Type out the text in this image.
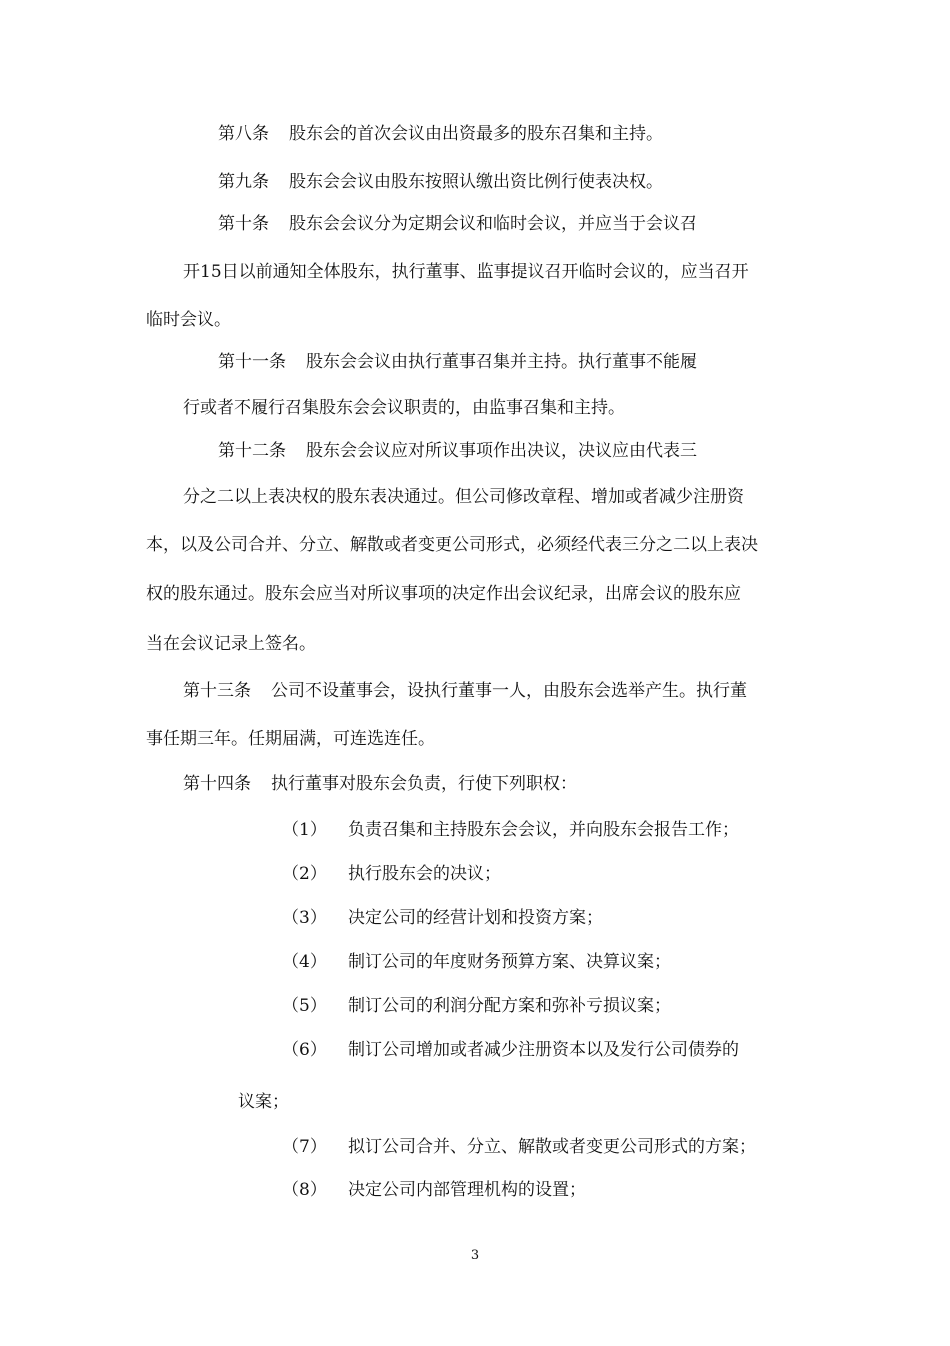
第八条 股东会的首次会议由出资最多的股东召集和主持。
第九条 股东会会议由股东按照认缴出资比例行使表决权。
第十条 股东会会议分为定期会议和临时会议，并应当于会议召
开15日以前通知全体股东，执行董事、监事提议召开临时会议的，应当召开
临时会议。
第十一条 股东会会议由执行董事召集并主持。执行董事不能履
行或者不履行召集股东会会议职责的，由监事召集和主持。
第十二条 股东会会议应对所议事项作出决议，决议应由代表三
分之二以上表决权的股东表决通过。但公司修改章程、增加或者减少注册资
本，以及公司合并、分立、解散或者变更公司形式，必须经代表三分之二以上表决
权的股东通过。股东会应当对所议事项的决定作出会议纪录，出席会议的股东应
当在会议记录上签名。
第十三条 公司不设董事会，设执行董事一人，由股东会选举产生。执行董
事任期三年。任期届满，可连选连任。
第十四条 执行董事对股东会负责，行使下列职权：
（1） 负责召集和主持股东会会议，并向股东会报告工作；
（2） 执行股东会的决议；
（3） 决定公司的经营计划和投资方案；
（4） 制订公司的年度财务预算方案、决算议案；
（5） 制订公司的利润分配方案和弥补亏损议案；
（6） 制订公司增加或者减少注册资本以及发行公司债券的
议案；
（7） 拟订公司合并、分立、解散或者变更公司形式的方案；
（8） 决定公司内部管理机构的设置；
3
